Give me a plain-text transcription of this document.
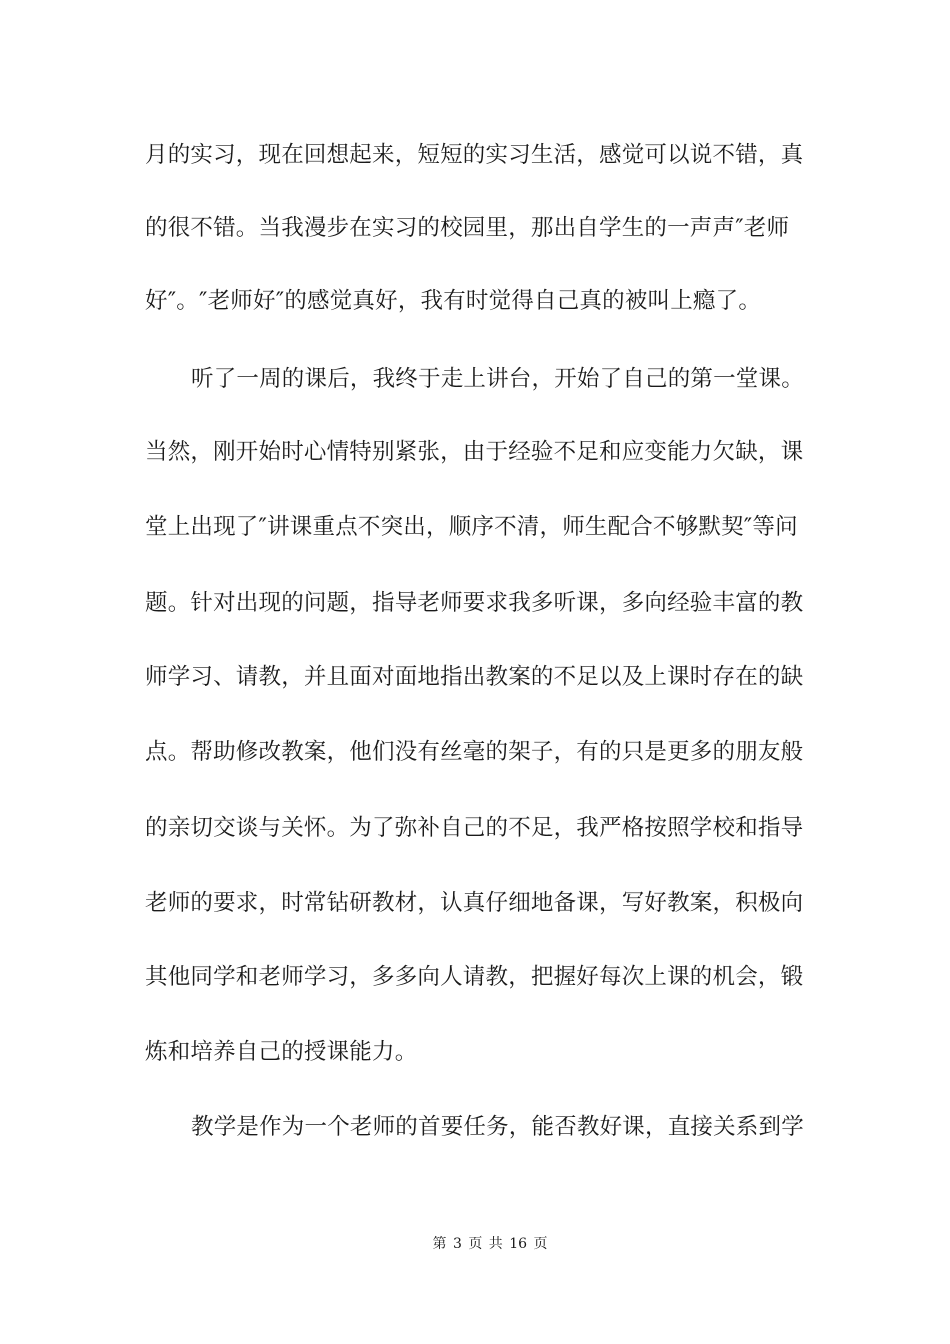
月的实习，现在回想起来，短短的实习生活，感觉可以说不错，真
的很不错。当我漫步在实习的校园里，那出自学生的一声声″老师
好″。″老师好″的感觉真好，我有时觉得自己真的被叫上瘾了。
听了一周的课后，我终于走上讲台，开始了自己的第一堂课。
当然，刚开始时心情特别紧张，由于经验不足和应变能力欠缺，课
堂上出现了″讲课重点不突出，顺序不清，师生配合不够默契″等问
题。针对出现的问题，指导老师要求我多听课，多向经验丰富的教
师学习、请教，并且面对面地指出教案的不足以及上课时存在的缺
点。帮助修改教案，他们没有丝毫的架子，有的只是更多的朋友般
的亲切交谈与关怀。为了弥补自己的不足，我严格按照学校和指导
老师的要求，时常钻研教材，认真仔细地备课，写好教案，积极向
其他同学和老师学习，多多向人请教，把握好每次上课的机会，锻
炼和培养自己的授课能力。
教学是作为一个老师的首要任务，能否教好课，直接关系到学
第 3 页 共 16 页
